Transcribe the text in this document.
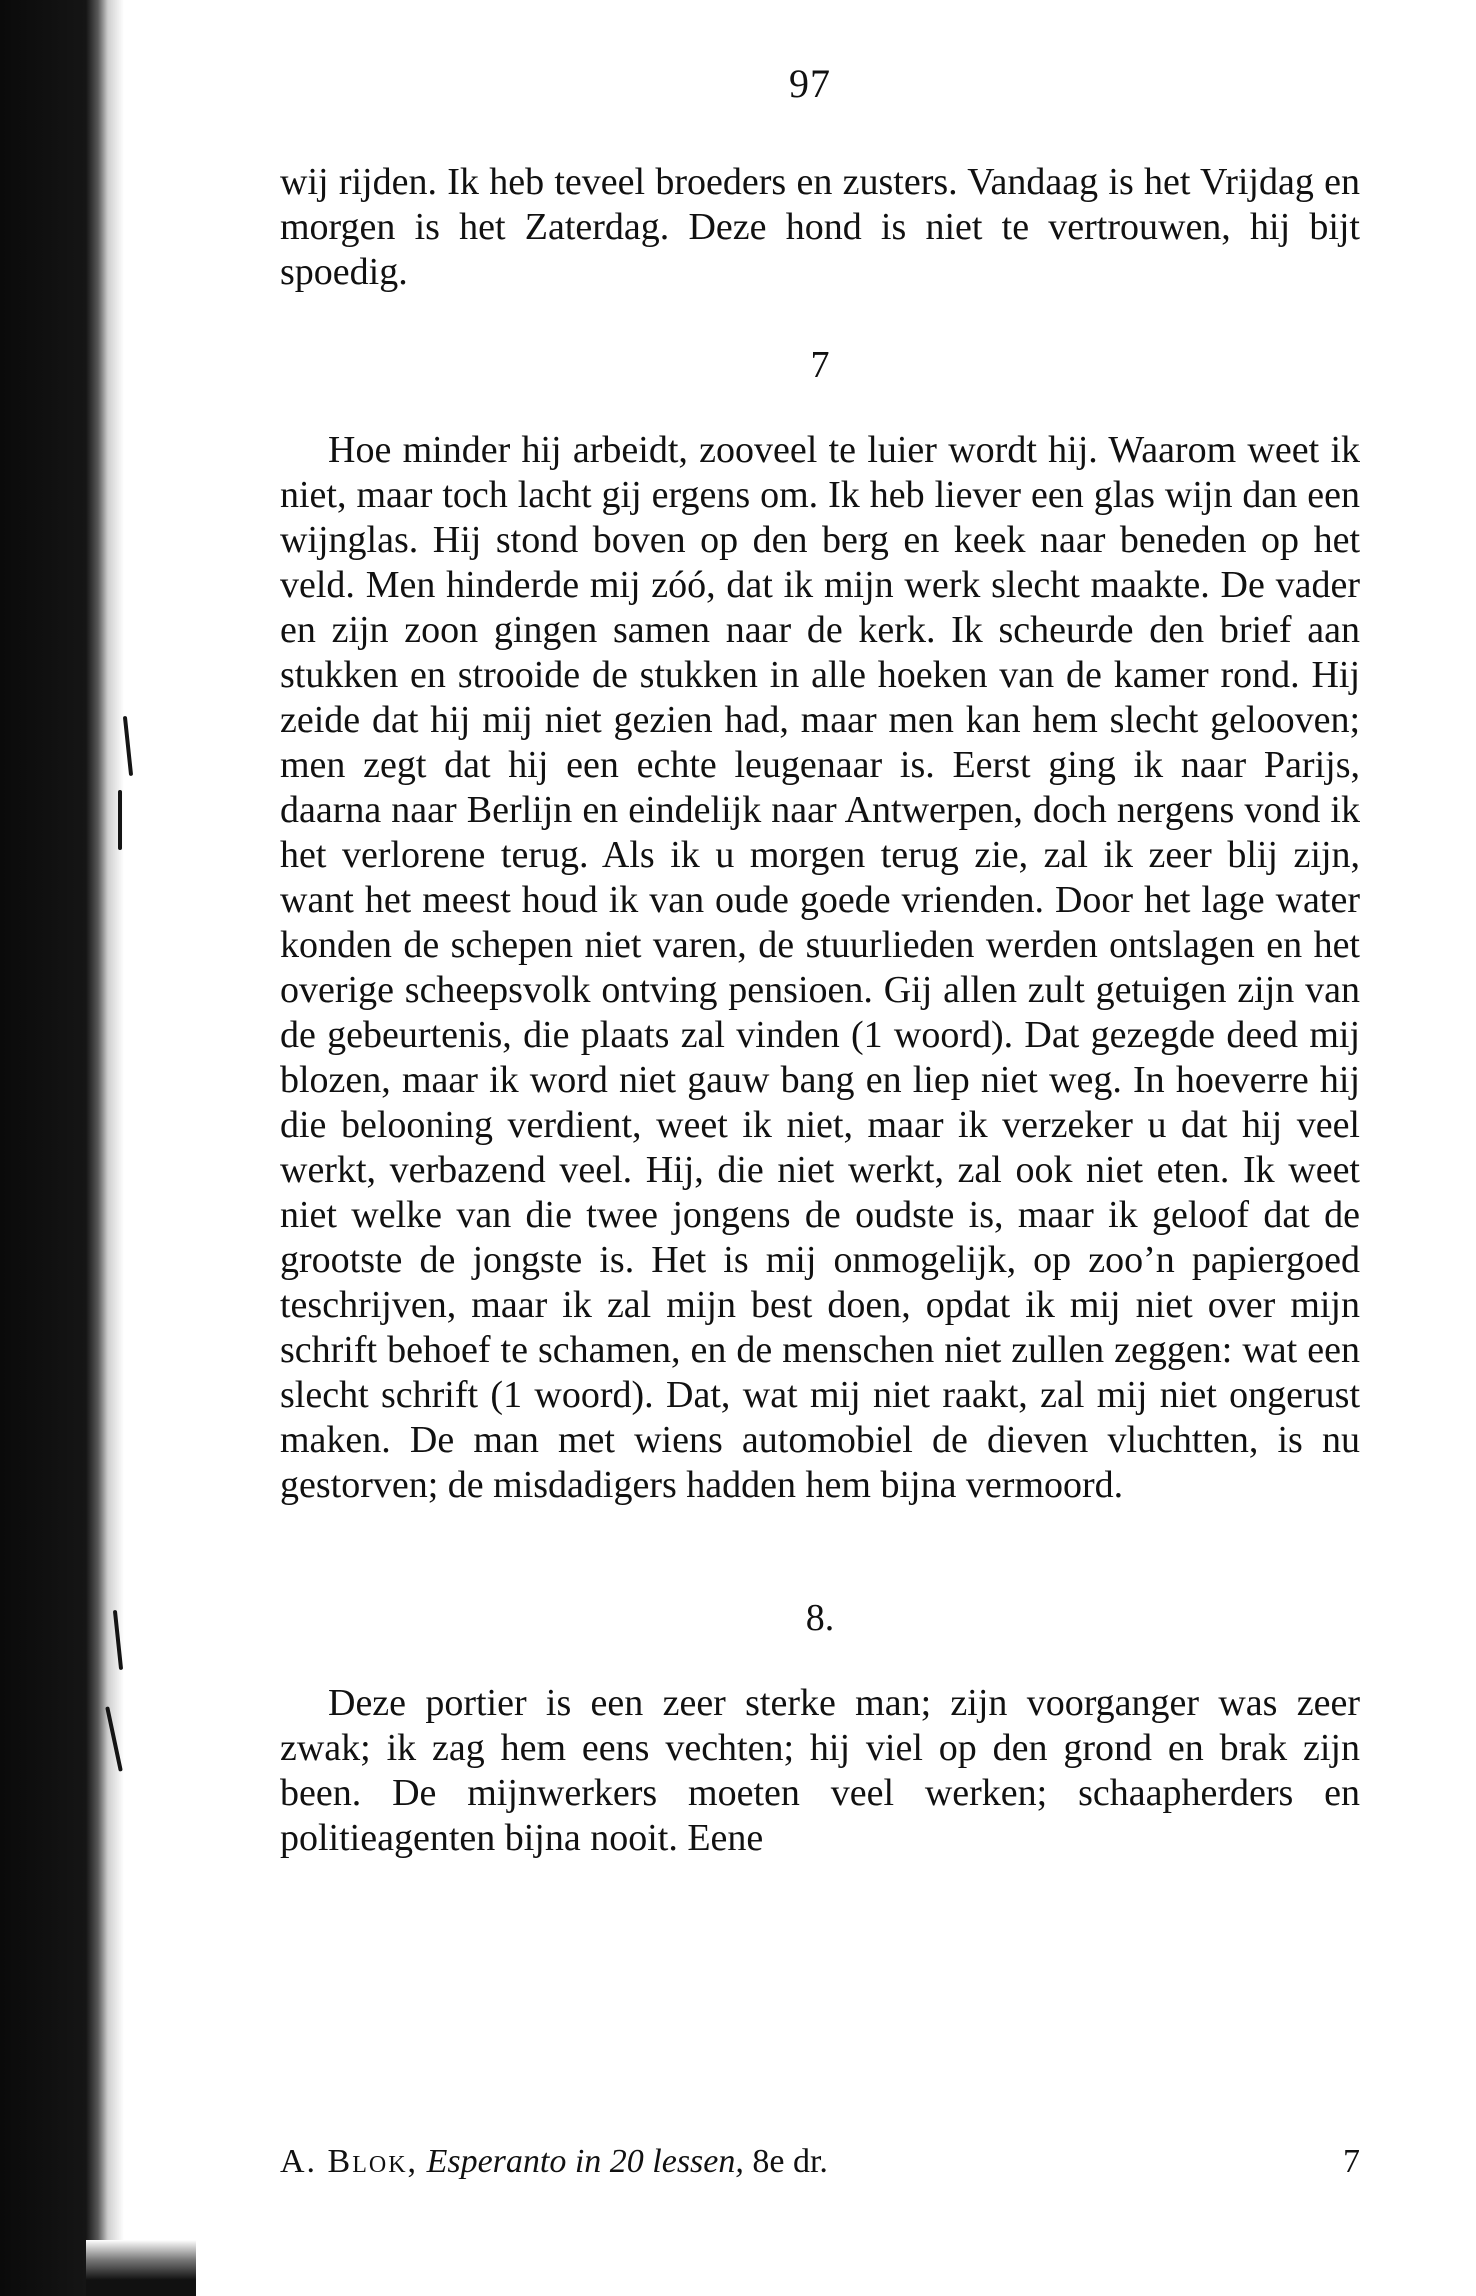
97

wij rijden. Ik heb teveel broeders en zusters. Vandaag is het Vrijdag en morgen is het Zaterdag. Deze hond is niet te vertrouwen, hij bijt spoedig.

7

Hoe minder hij arbeidt, zooveel te luier wordt hij. Waarom weet ik niet, maar toch lacht gij ergens om. Ik heb liever een glas wijn dan een wijnglas. Hij stond boven op den berg en keek naar beneden op het veld. Men hinderde mij zóó, dat ik mijn werk slecht maakte. De vader en zijn zoon gingen samen naar de kerk. Ik scheurde den brief aan stukken en strooide de stukken in alle hoeken van de kamer rond. Hij zeide dat hij mij niet gezien had, maar men kan hem slecht gelooven; men zegt dat hij een echte leugenaar is. Eerst ging ik naar Parijs, daarna naar Berlijn en eindelijk naar Antwerpen, doch nergens vond ik het verlorene terug. Als ik u morgen terug zie, zal ik zeer blij zijn, want het meest houd ik van oude goede vrienden. Door het lage water konden de schepen niet varen, de stuurlieden werden ontslagen en het overige scheepsvolk ontving pensioen. Gij allen zult getuigen zijn van de gebeurtenis, die plaats zal vinden (1 woord). Dat gezegde deed mij blozen, maar ik word niet gauw bang en liep niet weg. In hoeverre hij die belooning verdient, weet ik niet, maar ik verzeker u dat hij veel werkt, verbazend veel. Hij, die niet werkt, zal ook niet eten. Ik weet niet welke van die twee jongens de oudste is, maar ik geloof dat de grootste de jongste is. Het is mij onmogelijk, op zoo’n papiergoed teschrijven, maar ik zal mijn best doen, opdat ik mij niet over mijn schrift behoef te schamen, en de menschen niet zullen zeggen: wat een slecht schrift (1 woord). Dat, wat mij niet raakt, zal mij niet ongerust maken. De man met wiens automobiel de dieven vluchtten, is nu gestorven; de misdadigers hadden hem bijna vermoord.

8.

Deze portier is een zeer sterke man; zijn voorganger was zeer zwak; ik zag hem eens vechten; hij viel op den grond en brak zijn been. De mijnwerkers moeten veel werken; schaapherders en politieagenten bijna nooit. Eene

A. Blok, Esperanto in 20 lessen, 8e dr.	7
